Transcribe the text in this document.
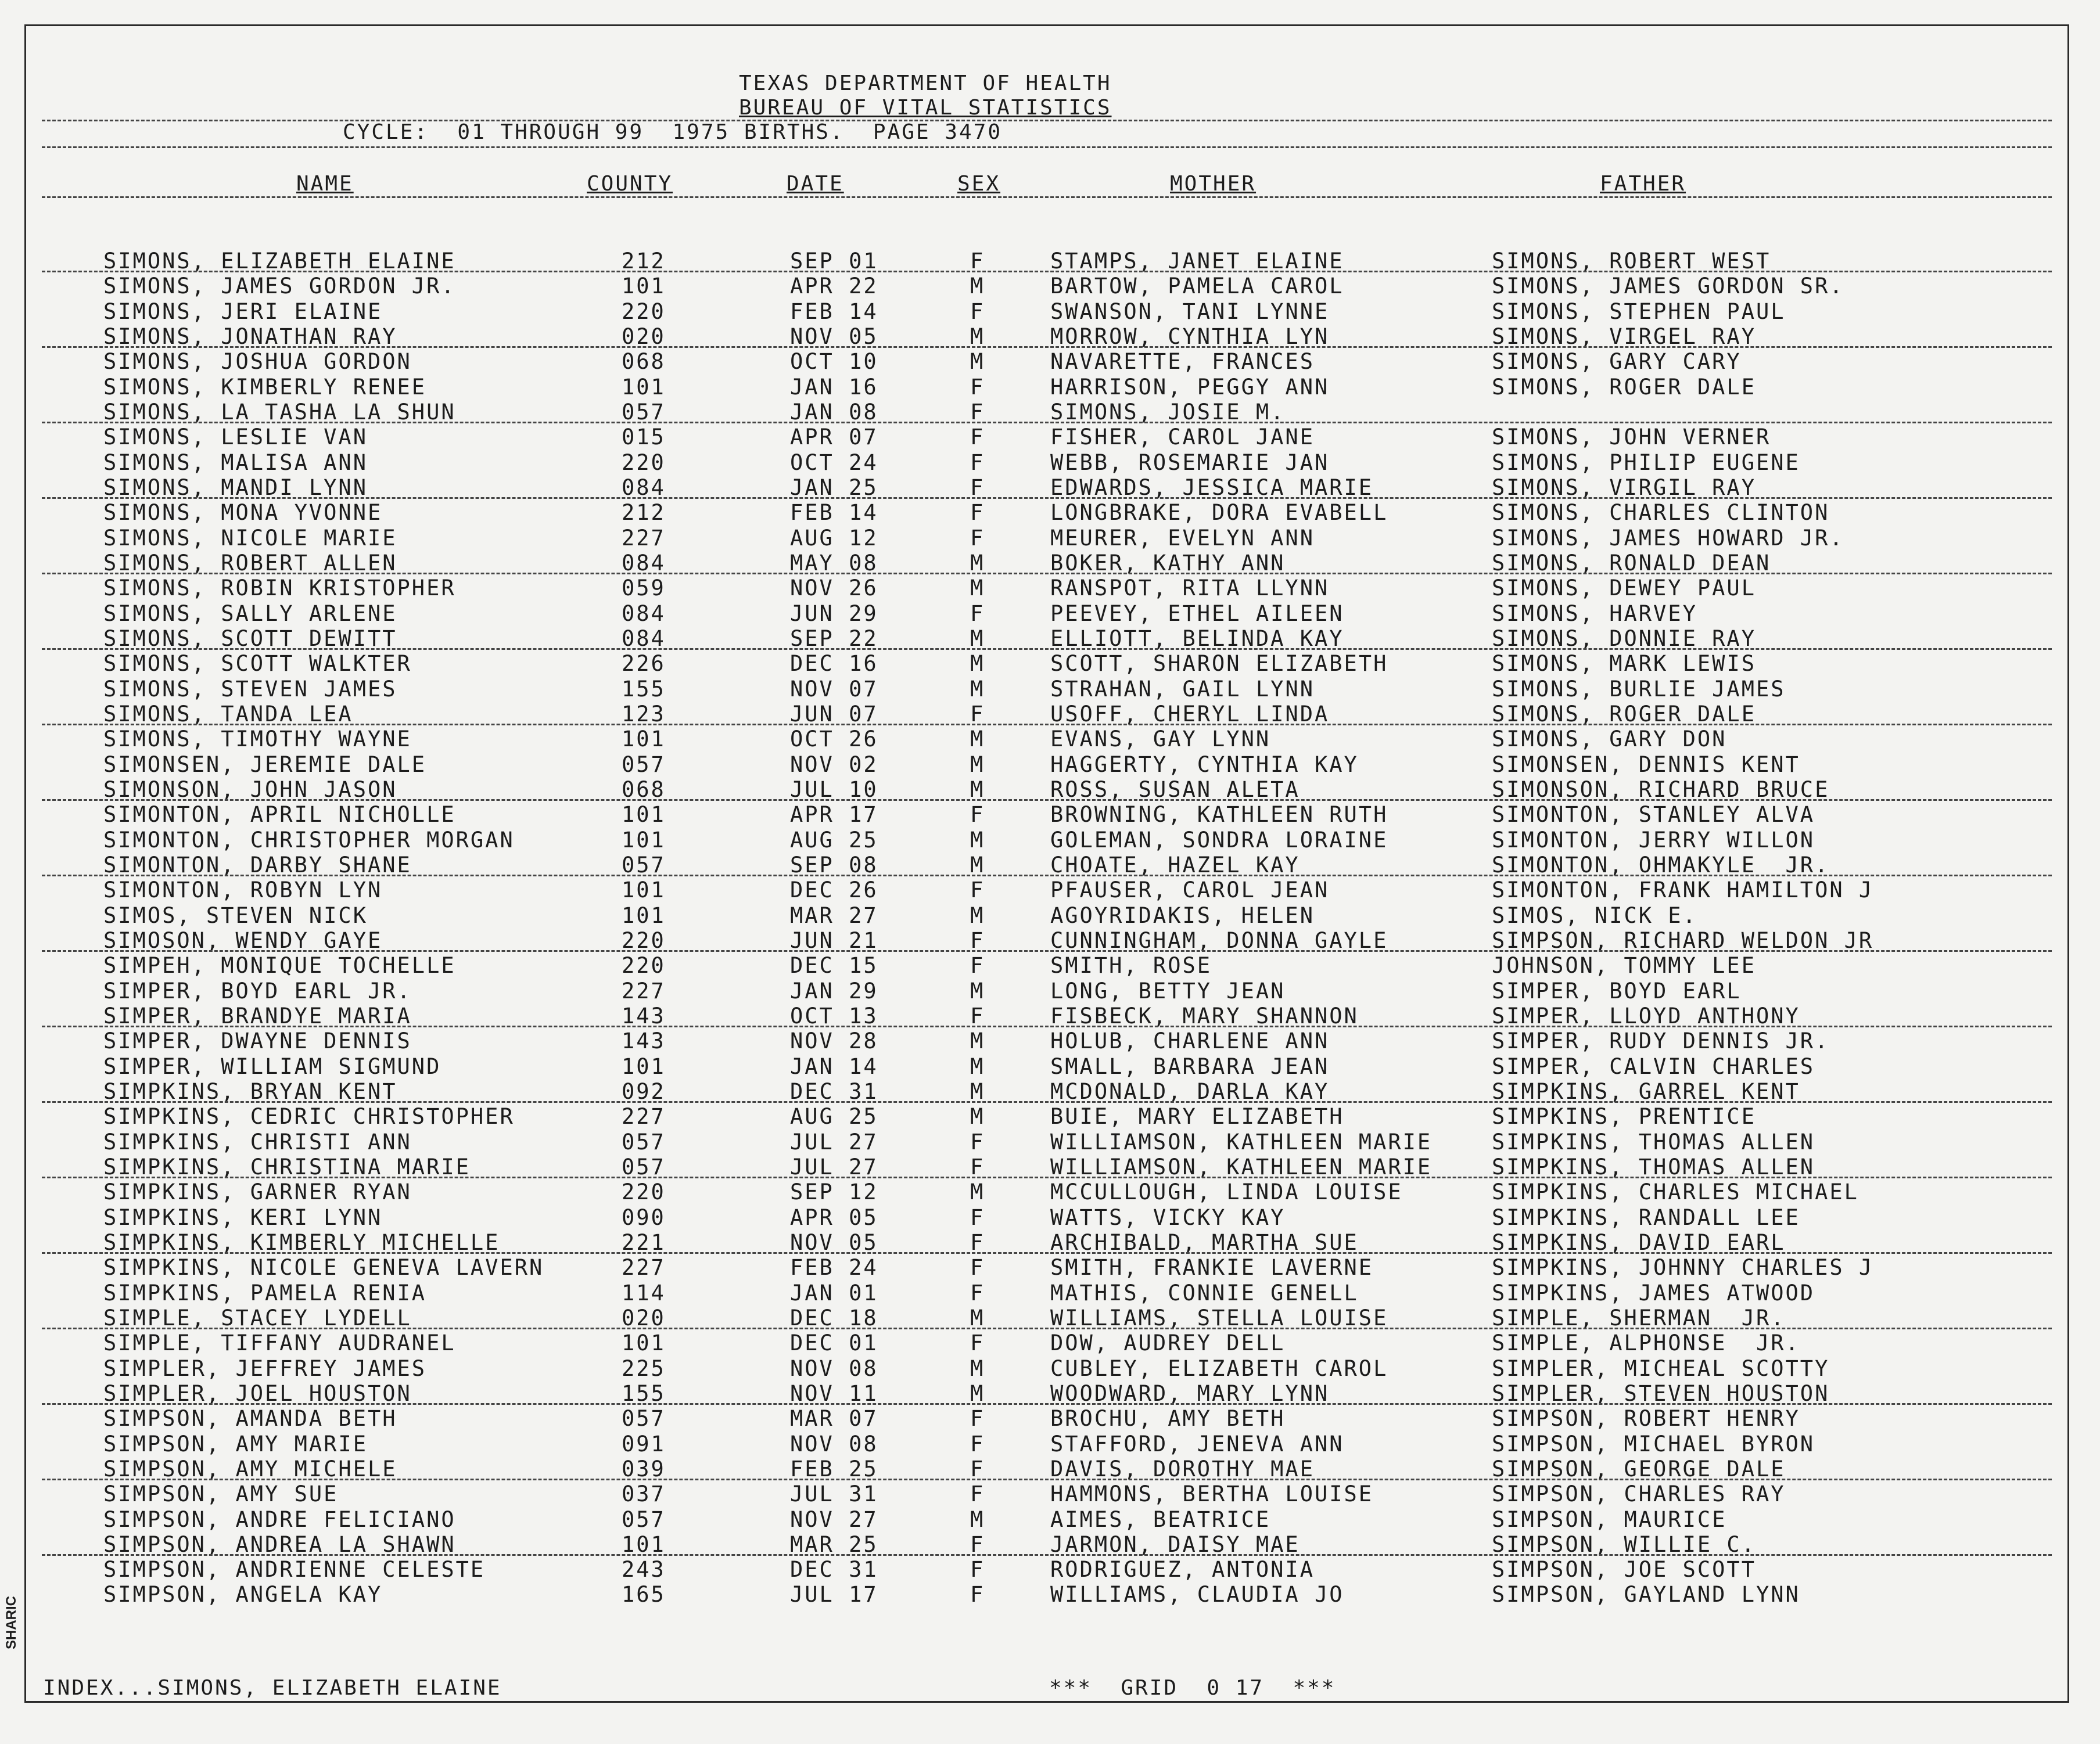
TEXAS DEPARTMENT OF HEALTH
BUREAU OF VITAL STATISTICS
CYCLE:  01 THROUGH 99  1975 BIRTHS.  PAGE 3470
NAME	COUNTY	DATE	SEX	MOTHER	FATHER
SIMONS, ELIZABETH ELAINE	212	SEP 01	F	STAMPS, JANET ELAINE	SIMONS, ROBERT WEST
SIMONS, JAMES GORDON JR.	101	APR 22	M	BARTOW, PAMELA CAROL	SIMONS, JAMES GORDON SR.
SIMONS, JERI ELAINE	220	FEB 14	F	SWANSON, TANI LYNNE	SIMONS, STEPHEN PAUL
SIMONS, JONATHAN RAY	020	NOV 05	M	MORROW, CYNTHIA LYN	SIMONS, VIRGEL RAY
SIMONS, JOSHUA GORDON	068	OCT 10	M	NAVARETTE, FRANCES	SIMONS, GARY CARY
SIMONS, KIMBERLY RENEE	101	JAN 16	F	HARRISON, PEGGY ANN	SIMONS, ROGER DALE
SIMONS, LA TASHA LA SHUN	057	JAN 08	F	SIMONS, JOSIE M.
SIMONS, LESLIE VAN	015	APR 07	F	FISHER, CAROL JANE	SIMONS, JOHN VERNER
SIMONS, MALISA ANN	220	OCT 24	F	WEBB, ROSEMARIE JAN	SIMONS, PHILIP EUGENE
SIMONS, MANDI LYNN	084	JAN 25	F	EDWARDS, JESSICA MARIE	SIMONS, VIRGIL RAY
SIMONS, MONA YVONNE	212	FEB 14	F	LONGBRAKE, DORA EVABELL	SIMONS, CHARLES CLINTON
SIMONS, NICOLE MARIE	227	AUG 12	F	MEURER, EVELYN ANN	SIMONS, JAMES HOWARD JR.
SIMONS, ROBERT ALLEN	084	MAY 08	M	BOKER, KATHY ANN	SIMONS, RONALD DEAN
SIMONS, ROBIN KRISTOPHER	059	NOV 26	M	RANSPOT, RITA LLYNN	SIMONS, DEWEY PAUL
SIMONS, SALLY ARLENE	084	JUN 29	F	PEEVEY, ETHEL AILEEN	SIMONS, HARVEY
SIMONS, SCOTT DEWITT	084	SEP 22	M	ELLIOTT, BELINDA KAY	SIMONS, DONNIE RAY
SIMONS, SCOTT WALKTER	226	DEC 16	M	SCOTT, SHARON ELIZABETH	SIMONS, MARK LEWIS
SIMONS, STEVEN JAMES	155	NOV 07	M	STRAHAN, GAIL LYNN	SIMONS, BURLIE JAMES
SIMONS, TANDA LEA	123	JUN 07	F	USOFF, CHERYL LINDA	SIMONS, ROGER DALE
SIMONS, TIMOTHY WAYNE	101	OCT 26	M	EVANS, GAY LYNN	SIMONS, GARY DON
SIMONSEN, JEREMIE DALE	057	NOV 02	M	HAGGERTY, CYNTHIA KAY	SIMONSEN, DENNIS KENT
SIMONSON, JOHN JASON	068	JUL 10	M	ROSS, SUSAN ALETA	SIMONSON, RICHARD BRUCE
SIMONTON, APRIL NICHOLLE	101	APR 17	F	BROWNING, KATHLEEN RUTH	SIMONTON, STANLEY ALVA
SIMONTON, CHRISTOPHER MORGAN	101	AUG 25	M	GOLEMAN, SONDRA LORAINE	SIMONTON, JERRY WILLON
SIMONTON, DARBY SHANE	057	SEP 08	M	CHOATE, HAZEL KAY	SIMONTON, OHMAKYLE  JR.
SIMONTON, ROBYN LYN	101	DEC 26	F	PFAUSER, CAROL JEAN	SIMONTON, FRANK HAMILTON J
SIMOS, STEVEN NICK	101	MAR 27	M	AGOYRIDAKIS, HELEN	SIMOS, NICK E.
SIMOSON, WENDY GAYE	220	JUN 21	F	CUNNINGHAM, DONNA GAYLE	SIMPSON, RICHARD WELDON JR
SIMPEH, MONIQUE TOCHELLE	220	DEC 15	F	SMITH, ROSE	JOHNSON, TOMMY LEE
SIMPER, BOYD EARL JR.	227	JAN 29	M	LONG, BETTY JEAN	SIMPER, BOYD EARL
SIMPER, BRANDYE MARIA	143	OCT 13	F	FISBECK, MARY SHANNON	SIMPER, LLOYD ANTHONY
SIMPER, DWAYNE DENNIS	143	NOV 28	M	HOLUB, CHARLENE ANN	SIMPER, RUDY DENNIS JR.
SIMPER, WILLIAM SIGMUND	101	JAN 14	M	SMALL, BARBARA JEAN	SIMPER, CALVIN CHARLES
SIMPKINS, BRYAN KENT	092	DEC 31	M	MCDONALD, DARLA KAY	SIMPKINS, GARREL KENT
SIMPKINS, CEDRIC CHRISTOPHER	227	AUG 25	M	BUIE, MARY ELIZABETH	SIMPKINS, PRENTICE
SIMPKINS, CHRISTI ANN	057	JUL 27	F	WILLIAMSON, KATHLEEN MARIE	SIMPKINS, THOMAS ALLEN
SIMPKINS, CHRISTINA MARIE	057	JUL 27	F	WILLIAMSON, KATHLEEN MARIE	SIMPKINS, THOMAS ALLEN
SIMPKINS, GARNER RYAN	220	SEP 12	M	MCCULLOUGH, LINDA LOUISE	SIMPKINS, CHARLES MICHAEL
SIMPKINS, KERI LYNN	090	APR 05	F	WATTS, VICKY KAY	SIMPKINS, RANDALL LEE
SIMPKINS, KIMBERLY MICHELLE	221	NOV 05	F	ARCHIBALD, MARTHA SUE	SIMPKINS, DAVID EARL
SIMPKINS, NICOLE GENEVA LAVERN	227	FEB 24	F	SMITH, FRANKIE LAVERNE	SIMPKINS, JOHNNY CHARLES J
SIMPKINS, PAMELA RENIA	114	JAN 01	F	MATHIS, CONNIE GENELL	SIMPKINS, JAMES ATWOOD
SIMPLE, STACEY LYDELL	020	DEC 18	M	WILLIAMS, STELLA LOUISE	SIMPLE, SHERMAN  JR.
SIMPLE, TIFFANY AUDRANEL	101	DEC 01	F	DOW, AUDREY DELL	SIMPLE, ALPHONSE  JR.
SIMPLER, JEFFREY JAMES	225	NOV 08	M	CUBLEY, ELIZABETH CAROL	SIMPLER, MICHEAL SCOTTY
SIMPLER, JOEL HOUSTON	155	NOV 11	M	WOODWARD, MARY LYNN	SIMPLER, STEVEN HOUSTON
SIMPSON, AMANDA BETH	057	MAR 07	F	BROCHU, AMY BETH	SIMPSON, ROBERT HENRY
SIMPSON, AMY MARIE	091	NOV 08	F	STAFFORD, JENEVA ANN	SIMPSON, MICHAEL BYRON
SIMPSON, AMY MICHELE	039	FEB 25	F	DAVIS, DOROTHY MAE	SIMPSON, GEORGE DALE
SIMPSON, AMY SUE	037	JUL 31	F	HAMMONS, BERTHA LOUISE	SIMPSON, CHARLES RAY
SIMPSON, ANDRE FELICIANO	057	NOV 27	M	AIMES, BEATRICE	SIMPSON, MAURICE
SIMPSON, ANDREA LA SHAWN	101	MAR 25	F	JARMON, DAISY MAE	SIMPSON, WILLIE C.
SIMPSON, ANDRIENNE CELESTE	243	DEC 31	F	RODRIGUEZ, ANTONIA	SIMPSON, JOE SCOTT
SIMPSON, ANGELA KAY	165	JUL 17	F	WILLIAMS, CLAUDIA JO	SIMPSON, GAYLAND LYNN
INDEX...SIMONS, ELIZABETH ELAINE	***  GRID  0 17  ***
SHARIC
